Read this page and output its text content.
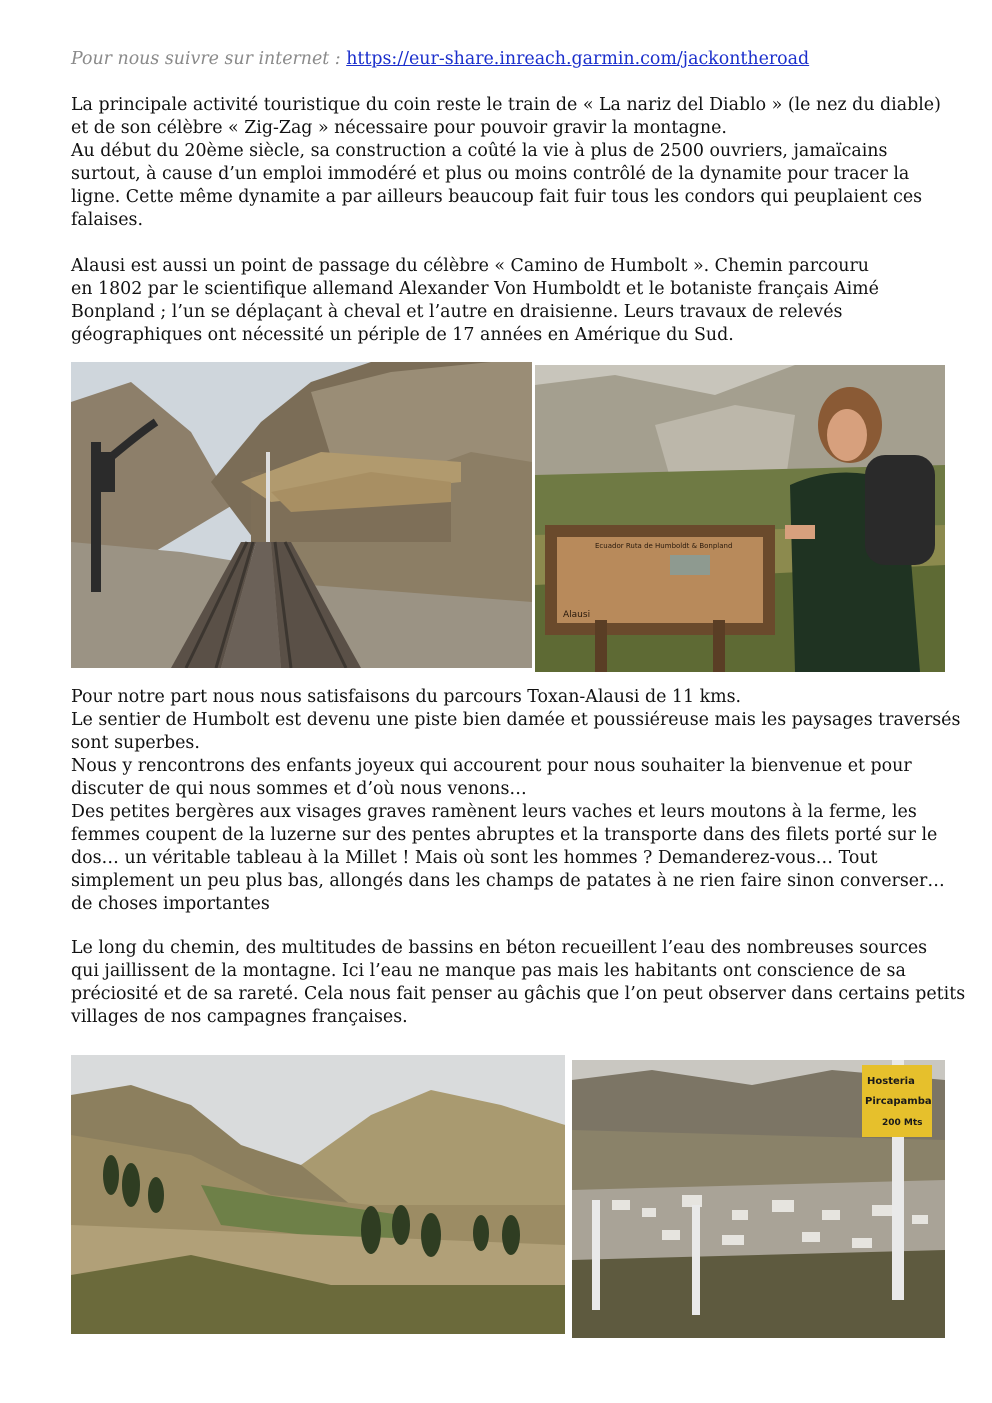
Pour nous suivre sur internet : https://eur-share.inreach.garmin.com/jackontheroad
La principale activité touristique du coin reste le train de « La nariz del Diablo » (le nez du diable)
et de son célèbre « Zig-Zag » nécessaire pour pouvoir gravir la montagne.
Au début du 20ème siècle, sa construction a coûté la vie à plus de 2500 ouvriers, jamaïcains
surtout, à cause d’un emploi immodéré et plus ou moins contrôlé de la dynamite pour tracer la
ligne. Cette même dynamite a par ailleurs beaucoup fait fuir tous les condors qui peuplaient ces
falaises.
Alausi est aussi un point de passage du célèbre « Camino de Humbolt ». Chemin parcouru
en 1802 par le scientifique allemand Alexander Von Humboldt et le botaniste français Aimé
Bonpland ; l’un se déplaçant à cheval et l’autre en draisienne. Leurs travaux de relevés
géographiques ont nécessité un périple de 17 années en Amérique du Sud.
Ecuador Ruta de Humboldt & Bonpland
Alausi
Pour notre part nous nous satisfaisons du parcours Toxan-Alausi de 11 kms.
Le sentier de Humbolt est devenu une piste bien damée et poussiéreuse mais les paysages traversés
sont superbes.
Nous y rencontrons des enfants joyeux qui accourent pour nous souhaiter la bienvenue et pour
discuter de qui nous sommes et d’où nous venons…
Des petites bergères aux visages graves ramènent leurs vaches et leurs moutons à la ferme, les
femmes coupent de la luzerne sur des pentes abruptes et la transporte dans des filets porté sur le
dos… un véritable tableau à la Millet ! Mais où sont les hommes ? Demanderez-vous… Tout
simplement un peu plus bas, allongés dans les champs de patates à ne rien faire sinon converser…
de choses importantes
Le long du chemin, des multitudes de bassins en béton recueillent l’eau des nombreuses sources
qui jaillissent de la montagne. Ici l’eau ne manque pas mais les habitants ont conscience de sa
préciosité et de sa rareté. Cela nous fait penser au gâchis que l’on peut observer dans certains petits
villages de nos campagnes françaises.
Hosteria
Pircapamba
200 Mts
